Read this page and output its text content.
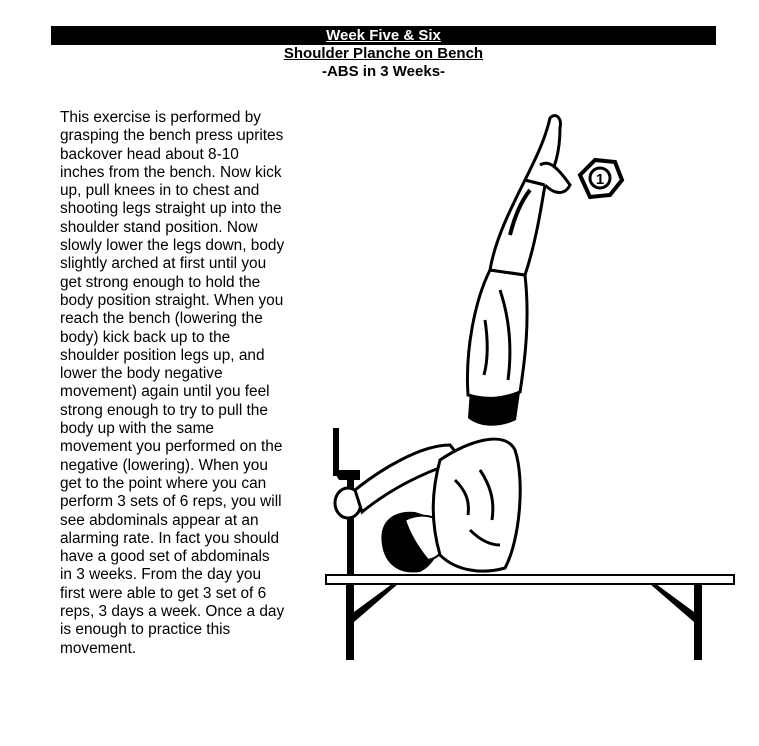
Week Five & Six
Shoulder Planche on Bench
-ABS in 3 Weeks-

This exercise is performed by

grasping the bench press uprites

backover head about 8-10

inches from the bench. Now kick

up, pull knees in to chest and

shooting legs straight up into the

shoulder stand position. Now

slowly lower the legs down, body

slightly arched at first until you

get strong enough to hold the

body position straight. When you

reach the bench (lowering the

body) kick back up to the

shoulder position legs up, and

lower the body negative

movement) again until you feel

strong enough to try to pull the

body up with the same

movement you performed on the

negative (lowering). When you

get to the point where you can

perform 3 sets of 6 reps, you will

see abdominals appear at an

alarming rate. In fact you should

have a good set of abdominals

in 3 weeks. From the day you

first were able to get 3 set of 6

reps, 3 days a week. Once a day

is enough to practice this

movement.

1
